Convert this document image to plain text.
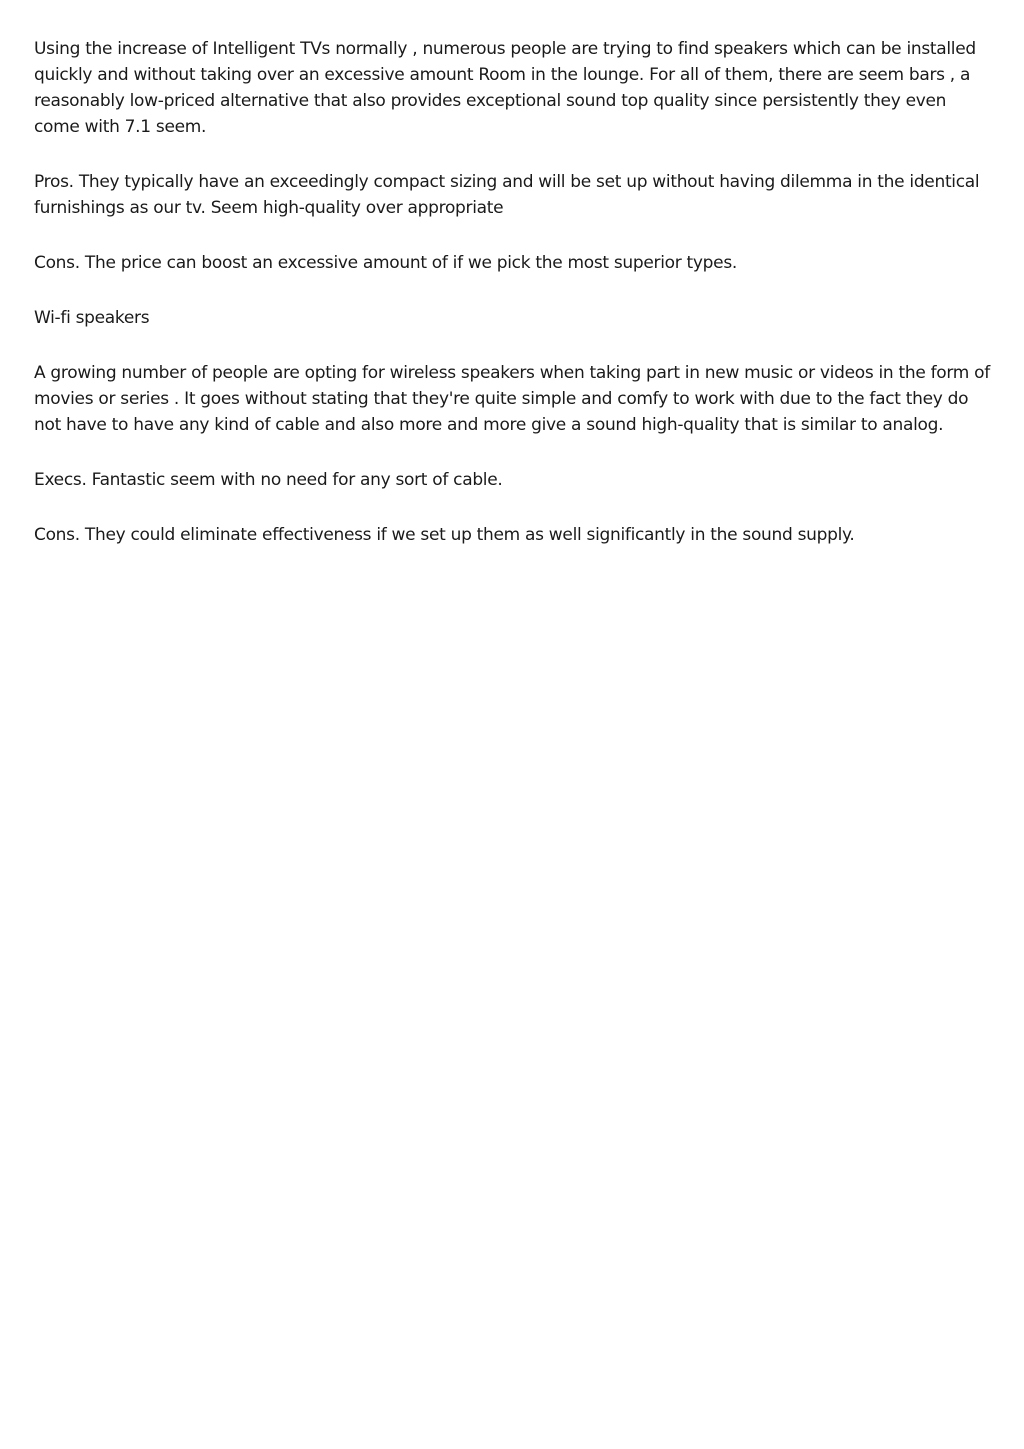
Using the increase of Intelligent TVs normally , numerous people are trying to find speakers which can be installed quickly and without taking over an excessive amount Room in the lounge. For all of them, there are seem bars , a reasonably low-priced alternative that also provides exceptional sound top quality since persistently they even come with 7.1 seem.

Pros. They typically have an exceedingly compact sizing and will be set up without having dilemma in the identical furnishings as our tv. Seem high-quality over appropriate

Cons. The price can boost an excessive amount of if we pick the most superior types.

Wi-fi speakers

A growing number of people are opting for wireless speakers when taking part in new music or videos in the form of movies or series . It goes without stating that they're quite simple and comfy to work with due to the fact they do not have to have any kind of cable and also more and more give a sound high-quality that is similar to analog.

Execs. Fantastic seem with no need for any sort of cable.

Cons. They could eliminate effectiveness if we set up them as well significantly in the sound supply.
